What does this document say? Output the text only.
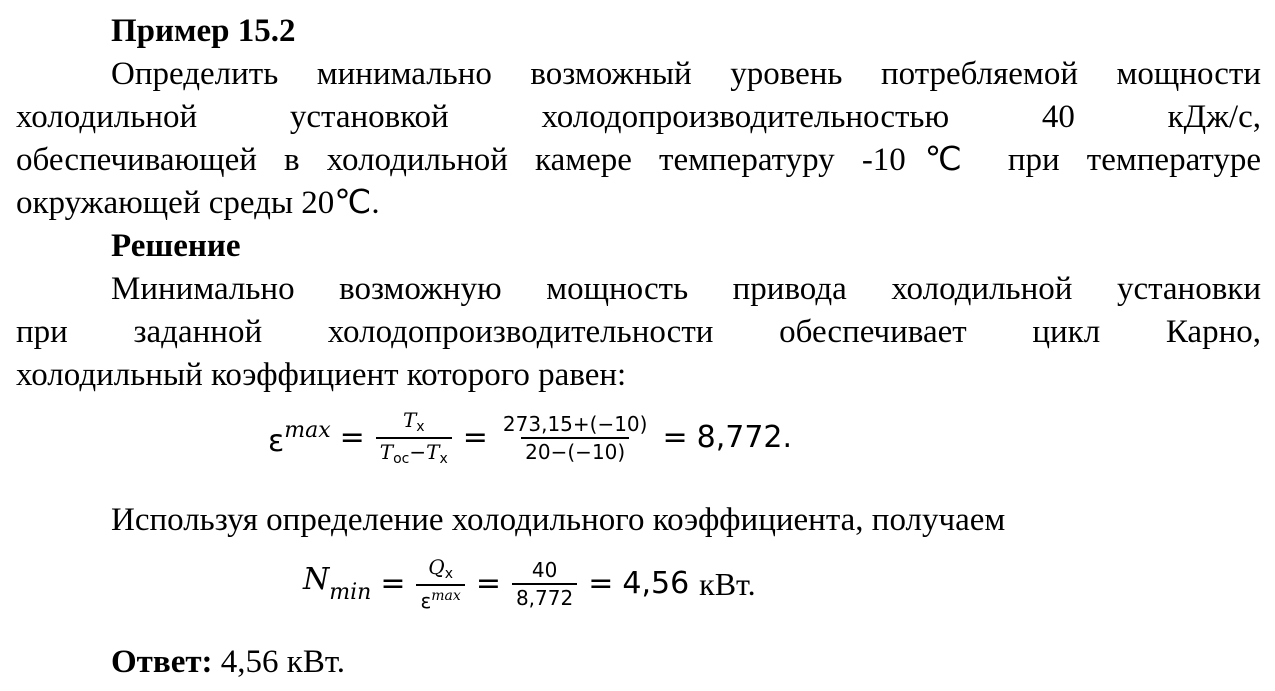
Пример 15.2
Определить минимально возможный уровень потребляемой мощности
холодильной установкой холодопроизводительностью 40 кДж/с,
обеспечивающей в холодильной камере температуру -10℃ при температуре
окружающей среды 20℃.
Решение
Минимально возможную мощность привода холодильной установки
при заданной холодопроизводительности обеспечивает цикл Карно,
холодильный коэффициент которого равен:
$\varepsilon^{max} = \frac{T_х}{T_{ос}-T_х} = \frac{273,15+(-10)}{20-(-10)} = 8,772$.
Используя определение холодильного коэффициента, получаем
$N_{min} = \frac{Q_х}{\varepsilon^{max}} = \frac{40}{8,772} = 4,56$ кВт.
Ответ: 4,56 кВт.
